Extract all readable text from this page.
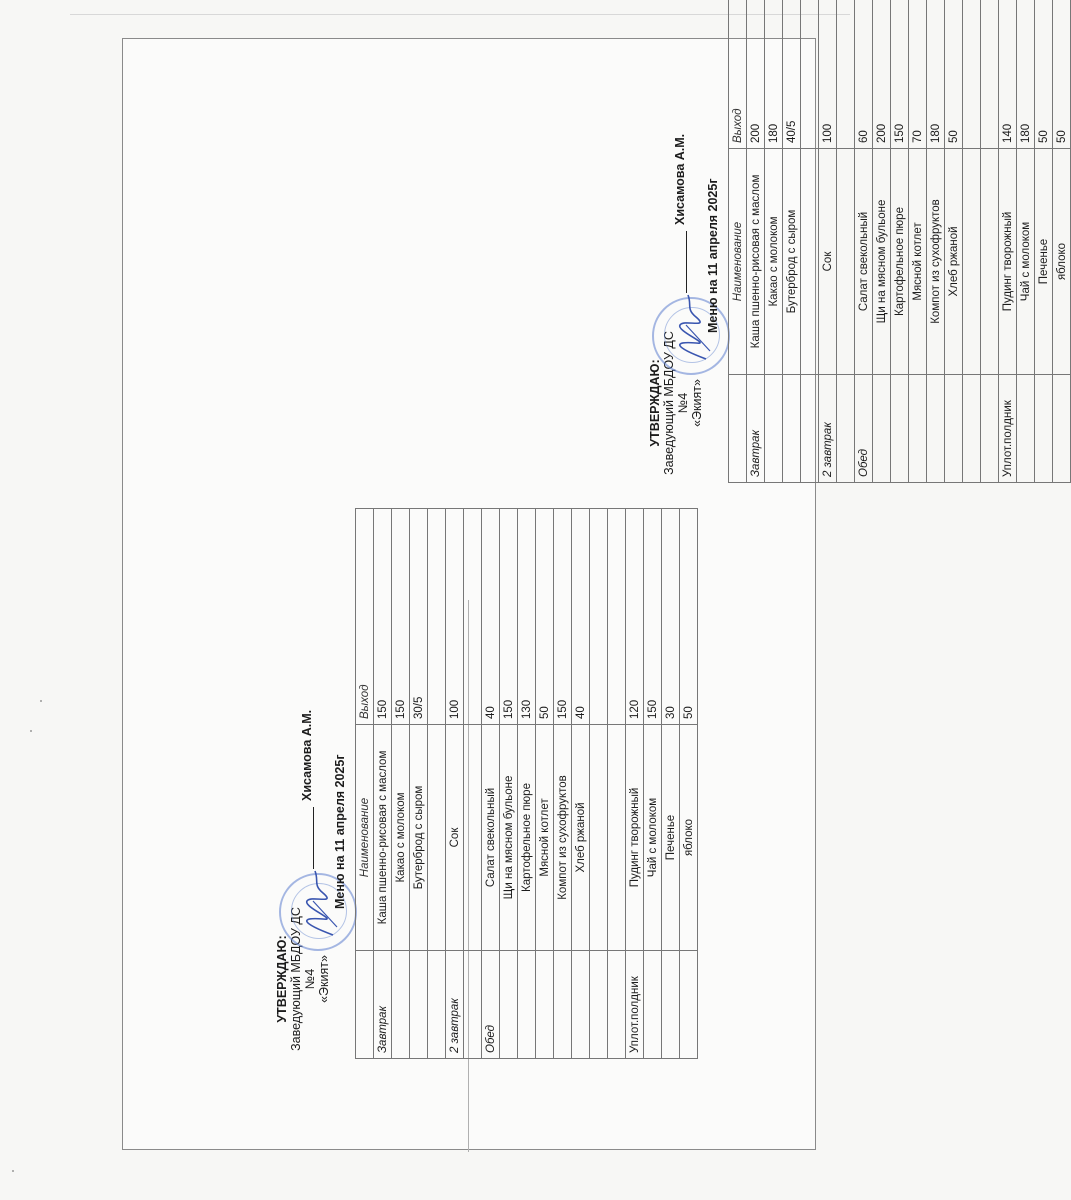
УТВЕРЖДАЮ: Заведующий МБДОУ ДС №4 «Экият»
Хисамова А.М. Меню на 11 апреля 2025г
	Наименование	Выход
Завтрак	Каша пшенно-рисовая с маслом	150
	Какао с молоком	150
	Бутерброд с сыром	30/5

2 завтрак	Сок	100

Обед	Салат свекольный	40
	Щи на мясном бульоне	150
	Картофельное пюре	130
	Мясной котлет	50
	Компот из сухофруктов	150
	Хлеб ржаной	40

Уплот.полдник	Пудинг творожный	120
	Чай с молоком	150
	Печенье	30
	яблоко	50
УТВЕРЖДАЮ: Заведующий МБДОУ ДС №4 «Экият»
Хисамова А.М. Меню на 11 апреля 2025г
	Наименование	Выход
Завтрак	Каша пшенно-рисовая с маслом	200
	Какао с молоком	180
	Бутерброд с сыром	40/5

2 завтрак	Сок	100

Обед	Салат свекольный	60
	Щи на мясном бульоне	200
	Картофельное пюре	150
	Мясной котлет	70
	Компот из сухофруктов	180
	Хлеб ржаной	50

Уплот.полдник	Пудинг творожный	140
	Чай с молоком	180
	Печенье	50
	яблоко	50
